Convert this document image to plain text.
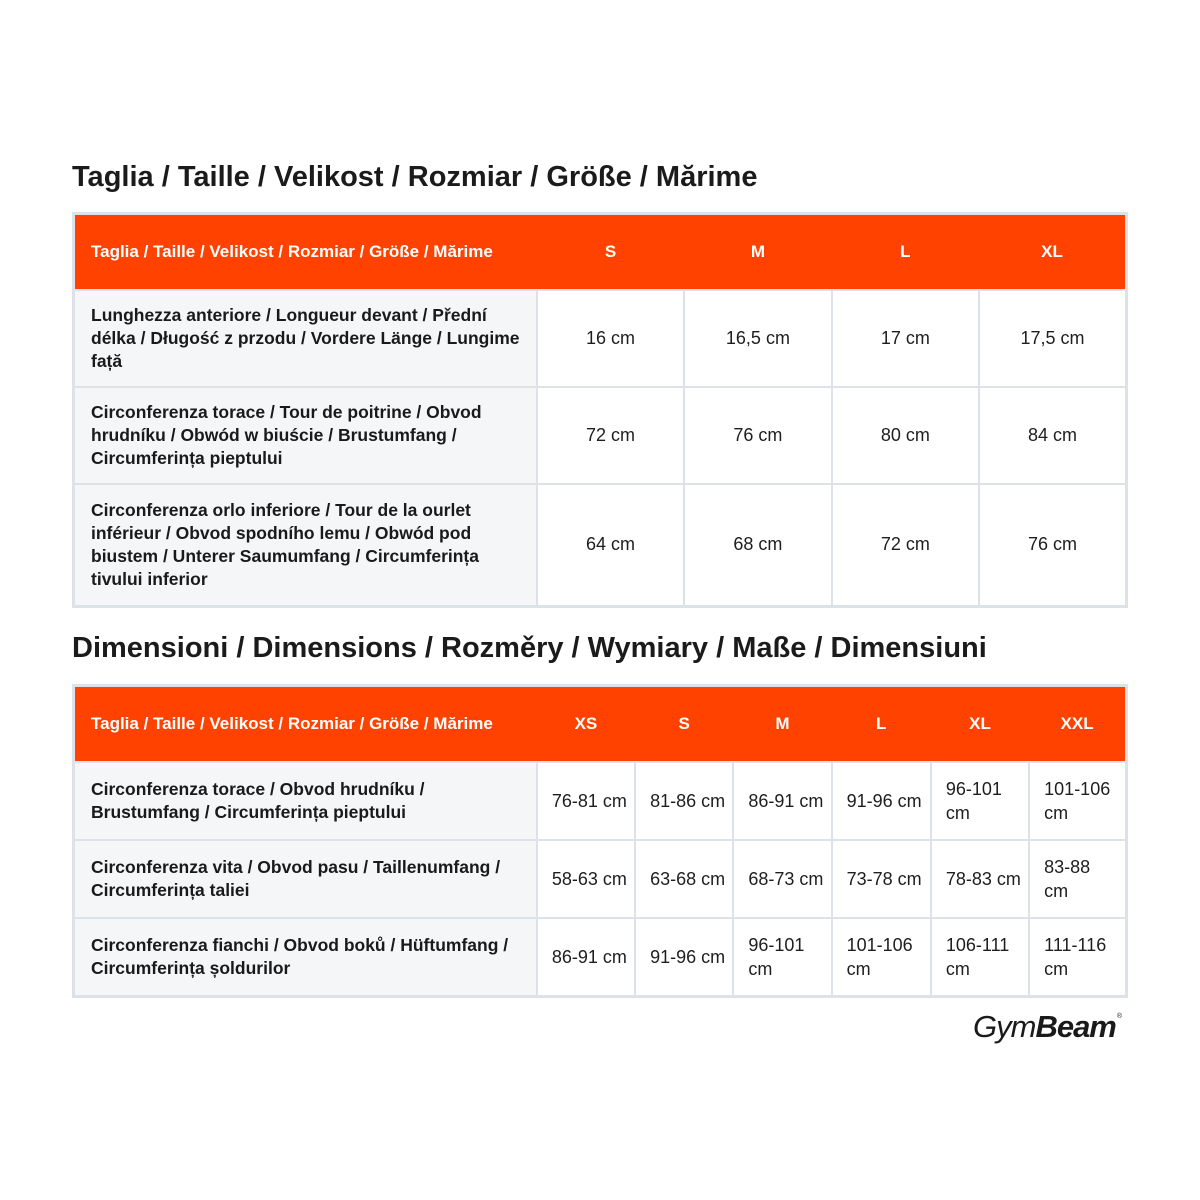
Taglia / Taille / Velikost / Rozmiar / Größe / Mărime
Taglia / Taille / Velikost / Rozmiar / Größe / Mărime	S	M	L	XL
Lunghezza anteriore / Longueur devant / Přední délka / Długość z przodu / Vordere Länge / Lungime față	16 cm	16,5 cm	17 cm	17,5 cm
Circonferenza torace / Tour de poitrine / Obvod hrudníku / Obwód w biuście / Brustumfang / Circumferința pieptului	72 cm	76 cm	80 cm	84 cm
Circonferenza orlo inferiore / Tour de la ourlet inférieur / Obvod spodního lemu / Obwód pod biustem / Unterer Saumumfang / Circumferința tivului inferior	64 cm	68 cm	72 cm	76 cm
Dimensioni / Dimensions / Rozměry / Wymiary / Maße / Dimensiuni
Taglia / Taille / Velikost / Rozmiar / Größe / Mărime	XS	S	M	L	XL	XXL
Circonferenza torace / Obvod hrudníku / Brustumfang / Circumferința pieptului	76-81 cm	81-86 cm	86-91 cm	91-96 cm	96-101 cm	101-106 cm
Circonferenza vita / Obvod pasu / Taillenumfang / Circumferința taliei	58-63 cm	63-68 cm	68-73 cm	73-78 cm	78-83 cm	83-88 cm
Circonferenza fianchi / Obvod boků / Hüftumfang / Circumferința șoldurilor	86-91 cm	91-96 cm	96-101 cm	101-106 cm	106-111 cm	111-116 cm
GymBeam®
